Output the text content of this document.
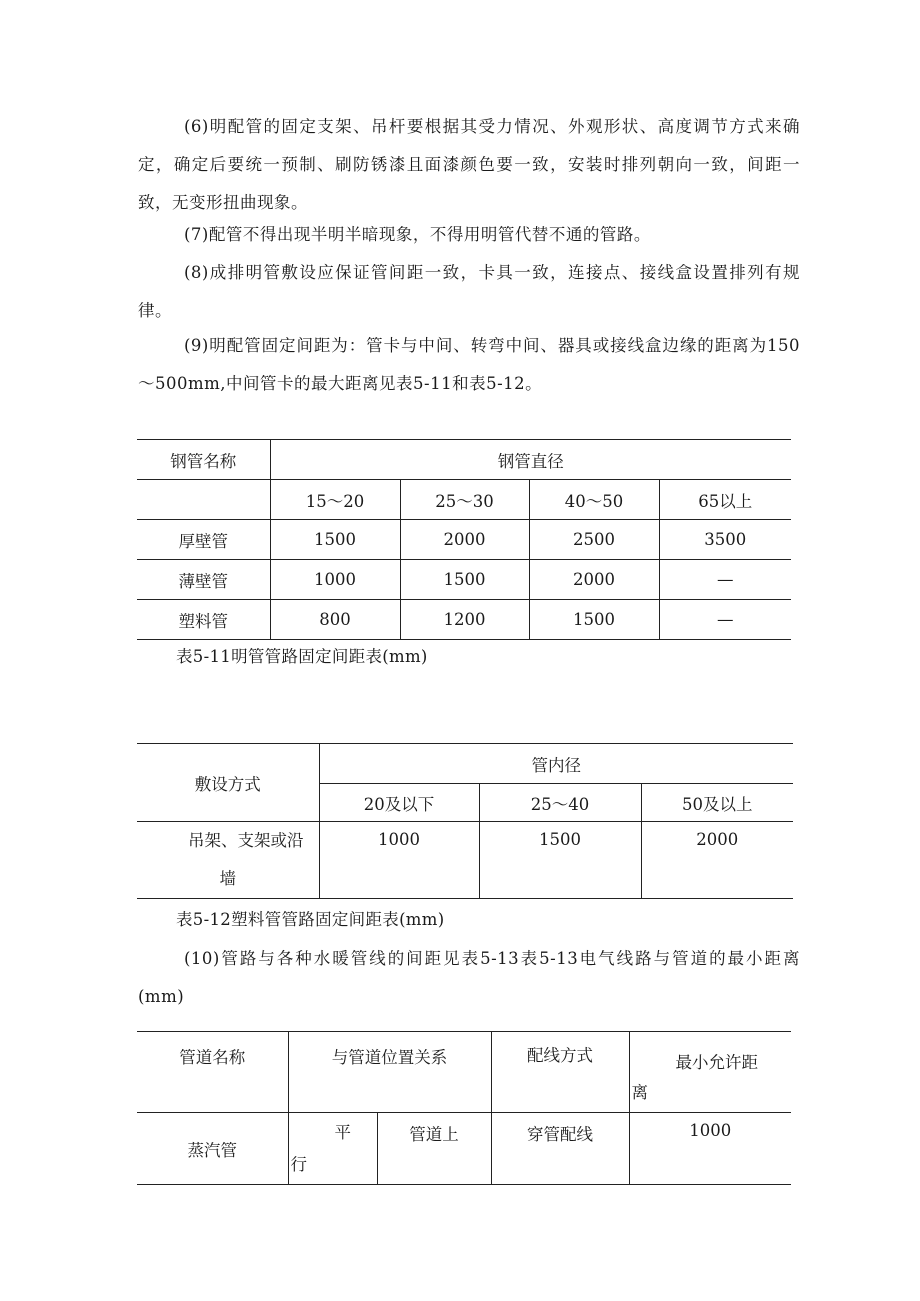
(6)明配管的固定支架、吊杆要根据其受力情况、外观形状、高度调节方式来确定，确定后要统一预制、刷防锈漆且面漆颜色要一致，安装时排列朝向一致，间距一致，无变形扭曲现象。

(7)配管不得出现半明半暗现象，不得用明管代替不通的管路。

(8)成排明管敷设应保证管间距一致，卡具一致，连接点、接线盒设置排列有规律。

(9)明配管固定间距为：管卡与中间、转弯中间、器具或接线盒边缘的距离为150～500mm,中间管卡的最大距离见表5-11和表5-12。

钢管名称	钢管直径			
	15～20	25～30	40～50	65以上
厚壁管	1500	2000	2500	3500
薄壁管	1000	1500	2000	—
塑料管	800	1200	1500	—

表5-11明管管路固定间距表(mm)

敷设方式	管内径		
	20及以下	25～40	50及以上

吊架、支架或沿
墙	1000	1500	2000

表5-12塑料管管路固定间距表(mm)

(10)管路与各种水暖管线的间距见表5-13表5-13电气线路与管道的最小距离(mm)

管道名称	与管道位置关系		配线方式	最小允许距
离

蒸汽管	平
行	管道上	穿管配线	1000
